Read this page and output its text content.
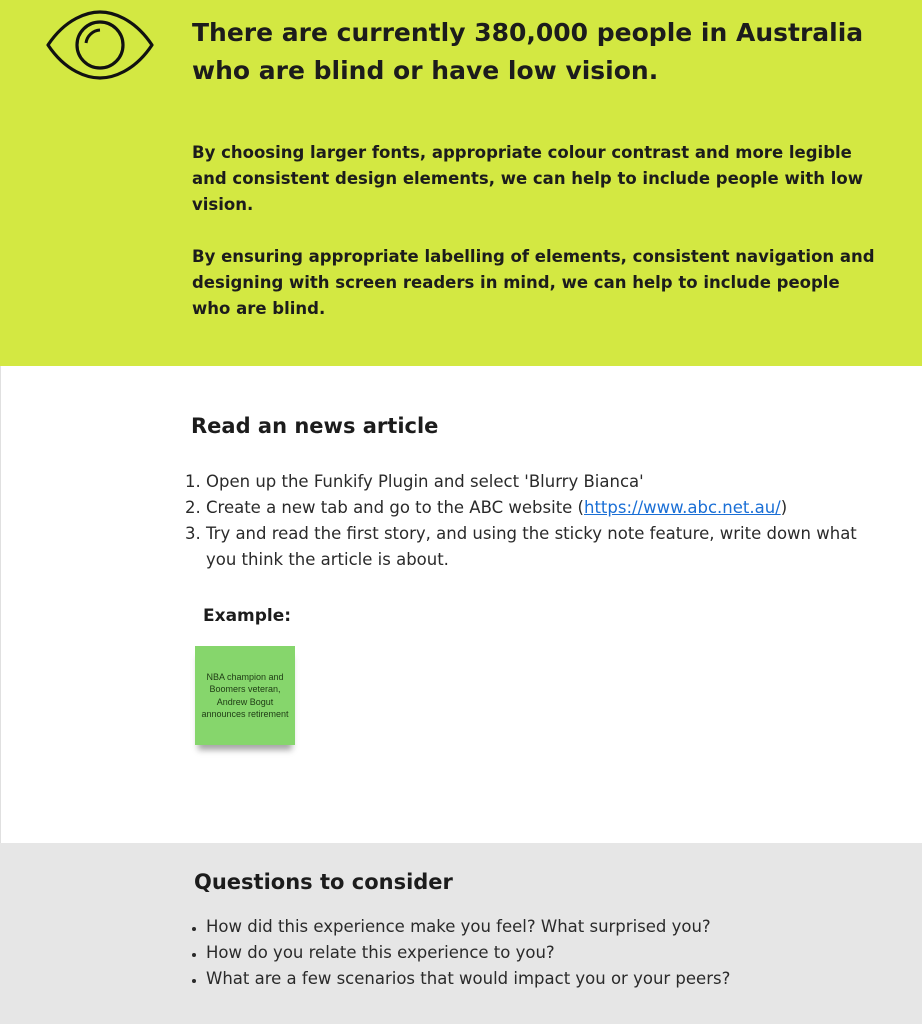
There are currently 380,000 people in Australia who are blind or have low vision.

By choosing larger fonts, appropriate colour contrast and more legible and consistent design elements, we can help to include people with low vision.

By ensuring appropriate labelling of elements, consistent navigation and designing with screen readers in mind, we can help to include people who are blind.

Read an news article
1. Open up the Funkify Plugin and select 'Blurry Bianca'
2. Create a new tab and go to the ABC website (https://www.abc.net.au/)
3. Try and read the first story, and using the sticky note feature, write down what you think the article is about.
Example:
NBA champion and Boomers veteran, Andrew Bogut announces retirement
Questions to consider
• How did this experience make you feel? What surprised you?
• How do you relate this experience to you?
• What are a few scenarios that would impact you or your peers?
